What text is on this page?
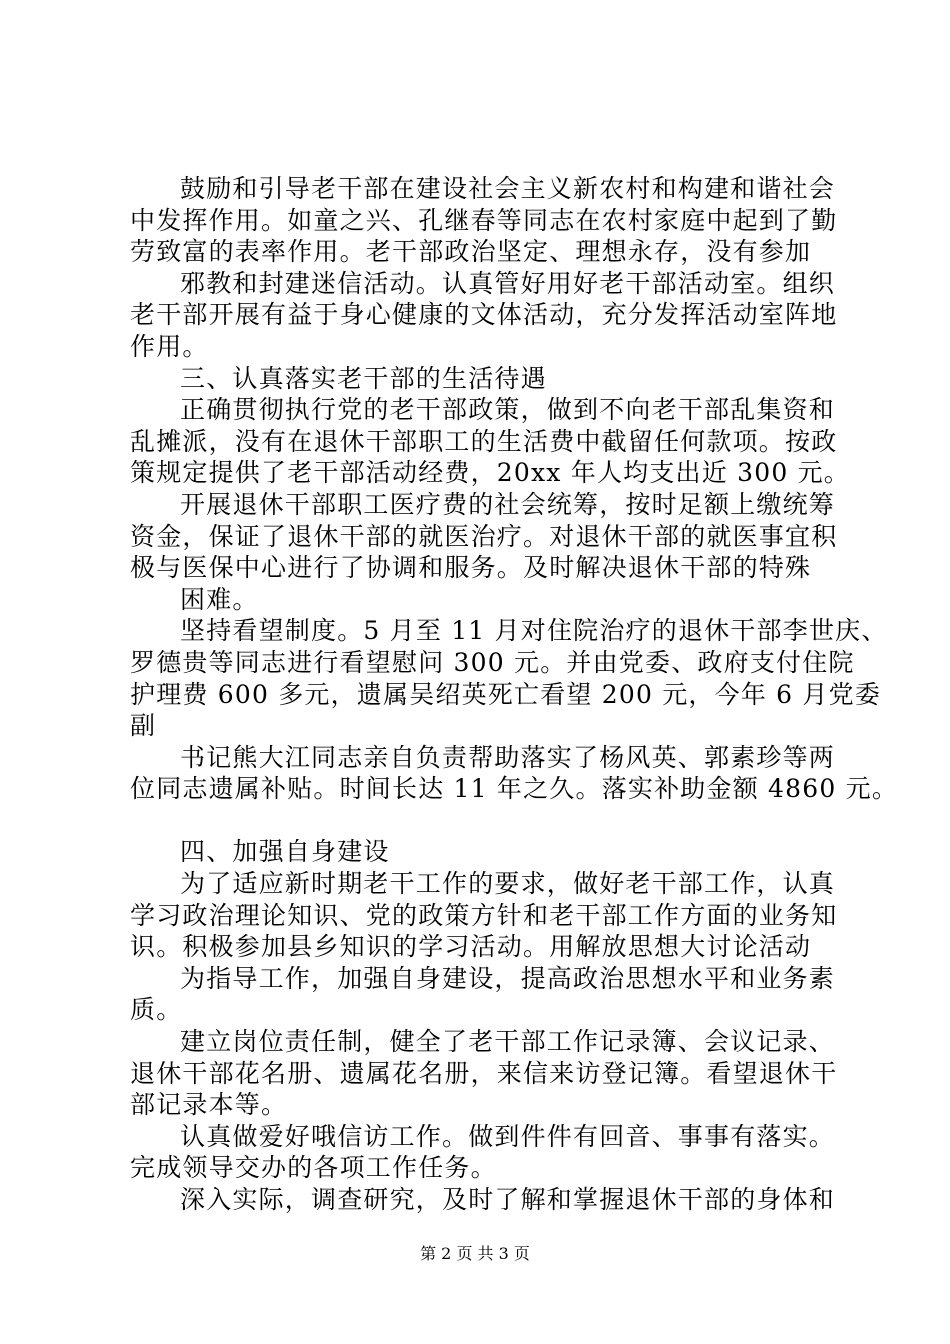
鼓励和引导老干部在建设社会主义新农村和构建和谐社会
中发挥作用。如童之兴、孔继春等同志在农村家庭中起到了勤
劳致富的表率作用。老干部政治坚定、理想永存，没有参加
邪教和封建迷信活动。认真管好用好老干部活动室。组织
老干部开展有益于身心健康的文体活动，充分发挥活动室阵地
作用。
三、认真落实老干部的生活待遇
正确贯彻执行党的老干部政策，做到不向老干部乱集资和
乱摊派，没有在退休干部职工的生活费中截留任何款项。按政
策规定提供了老干部活动经费，20xx 年人均支出近 300 元。
开展退休干部职工医疗费的社会统筹，按时足额上缴统筹
资金，保证了退休干部的就医治疗。对退休干部的就医事宜积
极与医保中心进行了协调和服务。及时解决退休干部的特殊
困难。
坚持看望制度。5 月至 11 月对住院治疗的退休干部李世庆、
罗德贵等同志进行看望慰问 300 元。并由党委、政府支付住院
护理费 600 多元，遗属吴绍英死亡看望 200 元，今年 6 月党委
副
书记熊大江同志亲自负责帮助落实了杨风英、郭素珍等两
位同志遗属补贴。时间长达 11 年之久。落实补助金额 4860 元。
四、加强自身建设
为了适应新时期老干工作的要求，做好老干部工作，认真
学习政治理论知识、党的政策方针和老干部工作方面的业务知
识。积极参加县乡知识的学习活动。用解放思想大讨论活动
为指导工作，加强自身建设，提高政治思想水平和业务素
质。
建立岗位责任制，健全了老干部工作记录簿、会议记录、
退休干部花名册、遗属花名册，来信来访登记簿。看望退休干
部记录本等。
认真做爱好哦信访工作。做到件件有回音、事事有落实。
完成领导交办的各项工作任务。
深入实际，调查研究，及时了解和掌握退休干部的身体和
第 2 页 共 3 页
